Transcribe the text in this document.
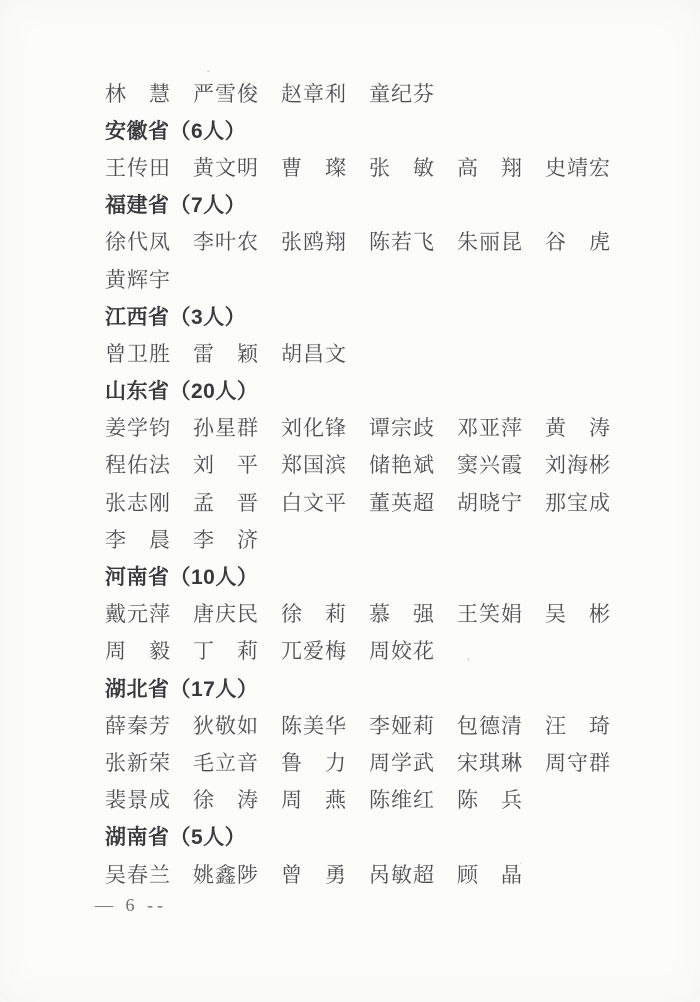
林　慧　严雪俊　赵章利　童纪芬
安徽省（6人）
王传田　黄文明　曹　璨　张　敏　高　翔　史靖宏
福建省（7人）
徐代凤　李叶农　张鸥翔　陈若飞　朱丽昆　谷　虎
黄辉宇
江西省（3人）
曾卫胜　雷　颖　胡昌文
山东省（20人）
姜学钧　孙星群　刘化锋　谭宗歧　邓亚萍　黄　涛
程佑法　刘　平　郑国滨　储艳斌　窦兴霞　刘海彬
张志刚　孟　晋　白文平　董英超　胡晓宁　那宝成
李　晨　李　济
河南省（10人）
戴元萍　唐庆民　徐　莉　慕　强　王笑娟　吴　彬
周　毅　丁　莉　兀爱梅　周姣花
湖北省（17人）
薛秦芳　狄敬如　陈美华　李娅莉　包德清　汪　琦
张新荣　毛立音　鲁　力　周学武　宋琪琳　周守群
裴景成　徐　涛　周　燕　陈维红　陈　兵
湖南省（5人）
吴春兰　姚鑫陟　曾　勇　呙敏超　顾　晶
— 6 --
